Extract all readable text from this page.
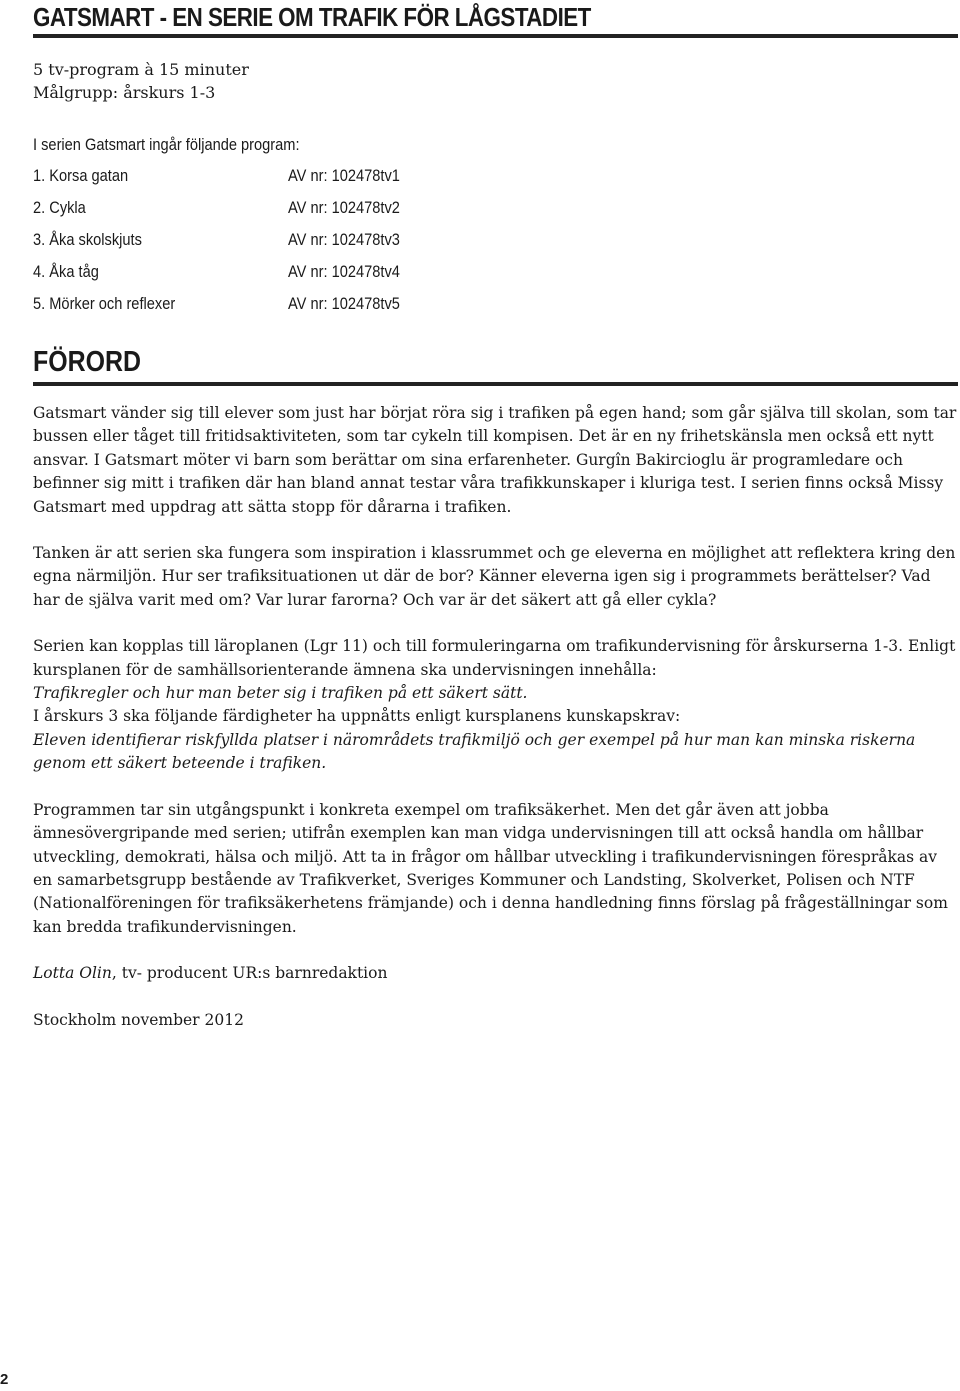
GATSMART - EN SERIE OM TRAFIK FÖR LÅGSTADIET
5 tv-program à 15 minuter
Målgrupp: årskurs 1-3
I serien Gatsmart ingår följande program:
1. Korsa gatan	AV nr: 102478tv1
2. Cykla	AV nr: 102478tv2
3. Åka skolskjuts	AV nr: 102478tv3
4. Åka tåg	AV nr: 102478tv4
5. Mörker och reflexer	AV nr: 102478tv5
FÖRORD

Gatsmart vänder sig till elever som just har börjat röra sig i trafiken på egen hand; som går själva till skolan, som tar bussen eller tåget till fritidsaktiviteten, som tar cykeln till kompisen. Det är en ny frihetskänsla men också ett nytt ansvar. I Gatsmart möter vi barn som berättar om sina erfarenheter. Gurgîn Bakircioglu är programledare och befinner sig mitt i trafiken där han bland annat testar våra trafikkunskaper i kluriga test. I serien finns också Missy Gatsmart med uppdrag att sätta stopp för dårarna i trafiken.

Tanken är att serien ska fungera som inspiration i klassrummet och ge eleverna en möjlighet att reflektera kring den egna närmiljön. Hur ser trafiksituationen ut där de bor? Känner eleverna igen sig i programmets berättelser? Vad har de själva varit med om? Var lurar farorna? Och var är det säkert att gå eller cykla?

Serien kan kopplas till läroplanen (Lgr 11) och till formuleringarna om trafikundervisning för årskurserna 1-3. Enligt kursplanen för de samhällsorienterande ämnena ska undervisningen innehålla:

Trafikregler och hur man beter sig i trafiken på ett säkert sätt.

I årskurs 3 ska följande färdigheter ha uppnåtts enligt kursplanens kunskapskrav:

Eleven identifierar riskfyllda platser i närområdets trafikmiljö och ger exempel på hur man kan minska riskerna genom ett säkert beteende i trafiken.

Programmen tar sin utgångspunkt i konkreta exempel om trafiksäkerhet. Men det går även att jobba ämnesövergripande med serien; utifrån exemplen kan man vidga undervisningen till att också handla om hållbar utveckling, demokrati, hälsa och miljö. Att ta in frågor om hållbar utveckling i trafikundervisningen förespråkas av en samarbetsgrupp bestående av Trafikverket, Sveriges Kommuner och Landsting, Skolverket, Polisen och NTF (Nationalföreningen för trafiksäkerhetens främjande) och i denna handledning finns förslag på frågeställningar som kan bredda trafikundervisningen.

Lotta Olin, tv- producent UR:s barnredaktion

Stockholm november 2012

2
